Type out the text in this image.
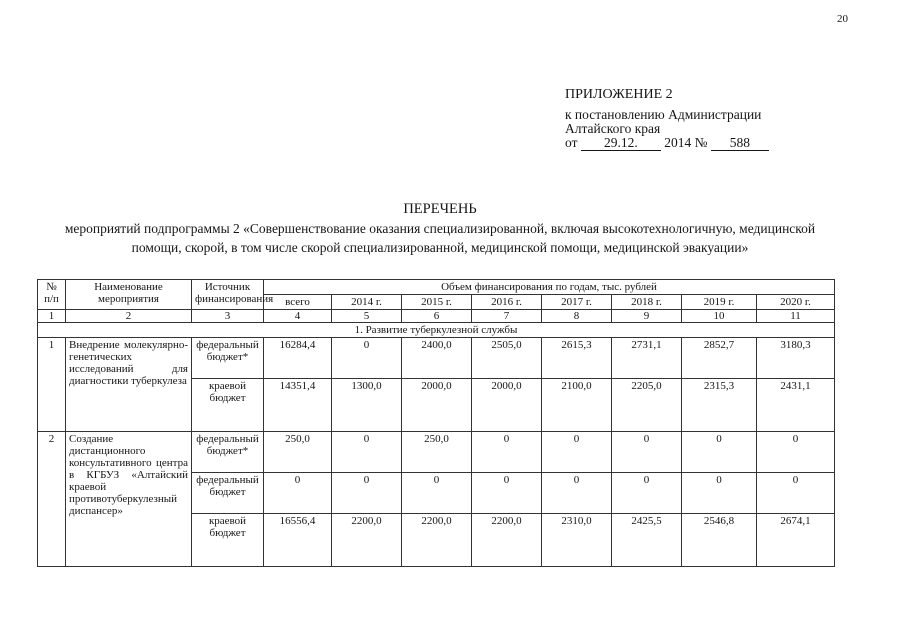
20
ПРИЛОЖЕНИЕ 2
к постановлению Администрации
Алтайского края
от 29.12. 2014 № 588
ПЕРЕЧЕНЬ
мероприятий подпрограммы 2 «Совершенствование оказания специализированной, включая высокотехнологичную, медицинской помощи, скорой, в том числе скорой специализированной, медицинской помощи, медицинской эвакуации»
№ п/п	Наименование мероприятия	Источник финансирования	Объем финансирования по годам, тыс. рублей							
			всего	2014 г.	2015 г.	2016 г.	2017 г.	2018 г.	2019 г.	2020 г.
1	2	3	4	5	6	7	8	9	10	11
1. Развитие туберкулезной службы										
1	Внедрение молекулярно-генетических исследований для диагностики туберкулеза	федеральный бюджет*	16284,4	0	2400,0	2505,0	2615,3	2731,1	2852,7	3180,3
		краевой бюджет	14351,4	1300,0	2000,0	2000,0	2100,0	2205,0	2315,3	2431,1
2	Создание дистанционного консультативного центра в КГБУЗ «Алтайский краевой противотуберкулезный диспансер»	федеральный бюджет*	250,0	0	250,0	0	0	0	0	0
		федеральный бюджет	0	0	0	0	0	0	0	0
		краевой бюджет	16556,4	2200,0	2200,0	2200,0	2310,0	2425,5	2546,8	2674,1
